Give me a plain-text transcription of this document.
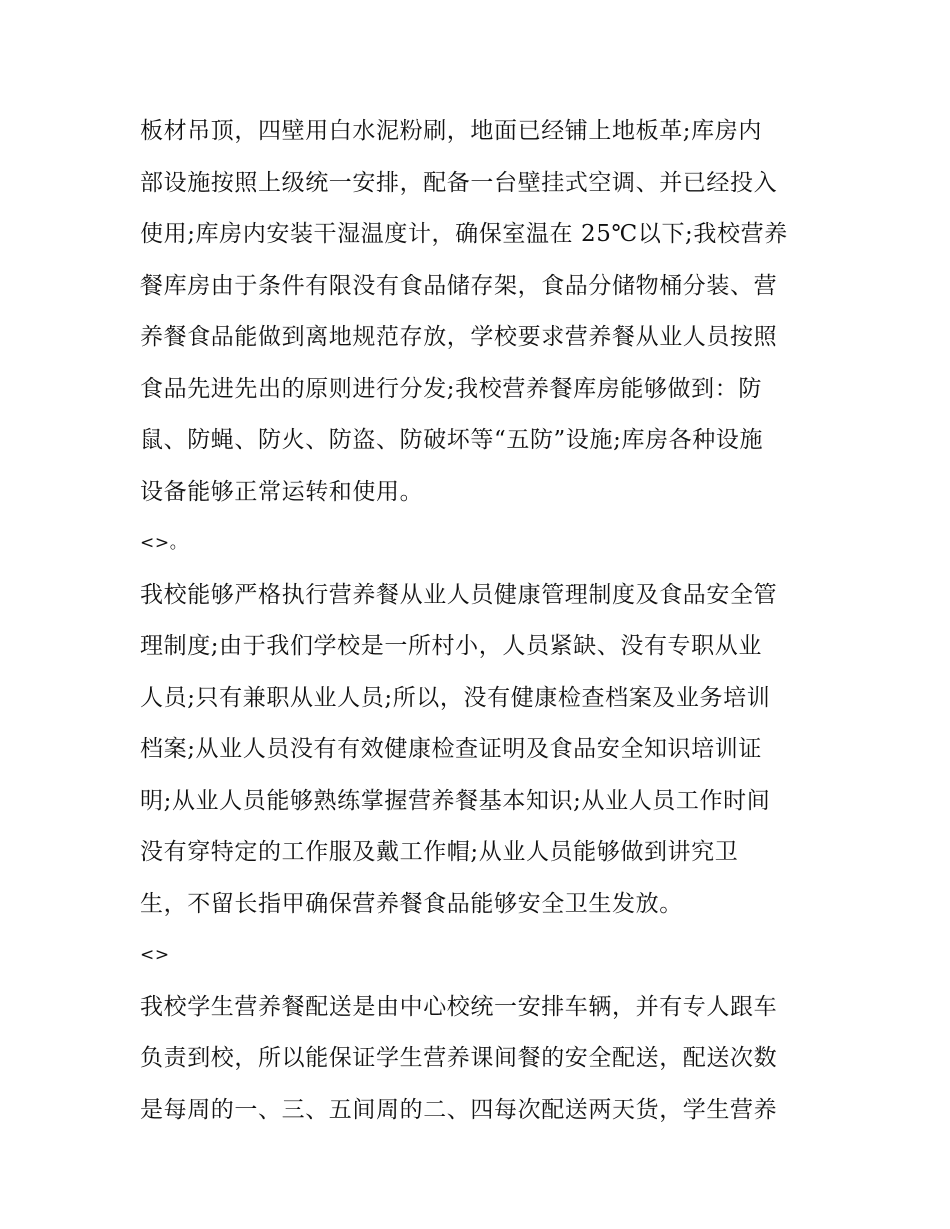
板材吊顶，四壁用白水泥粉刷，地面已经铺上地板革;库房内
部设施按照上级统一安排，配备一台壁挂式空调、并已经投入
使用;库房内安装干湿温度计，确保室温在 25℃以下;我校营养
餐库房由于条件有限没有食品储存架，食品分储物桶分装、营
养餐食品能做到离地规范存放，学校要求营养餐从业人员按照
食品先进先出的原则进行分发;我校营养餐库房能够做到：防
鼠、防蝇、防火、防盗、防破坏等“五防”设施;库房各种设施
设备能够正常运转和使用。
<>。
我校能够严格执行营养餐从业人员健康管理制度及食品安全管
理制度;由于我们学校是一所村小，人员紧缺、没有专职从业
人员;只有兼职从业人员;所以，没有健康检查档案及业务培训
档案;从业人员没有有效健康检查证明及食品安全知识培训证
明;从业人员能够熟练掌握营养餐基本知识;从业人员工作时间
没有穿特定的工作服及戴工作帽;从业人员能够做到讲究卫
生，不留长指甲确保营养餐食品能够安全卫生发放。
<>
我校学生营养餐配送是由中心校统一安排车辆，并有专人跟车
负责到校，所以能保证学生营养课间餐的安全配送，配送次数
是每周的一、三、五间周的二、四每次配送两天货，学生营养
